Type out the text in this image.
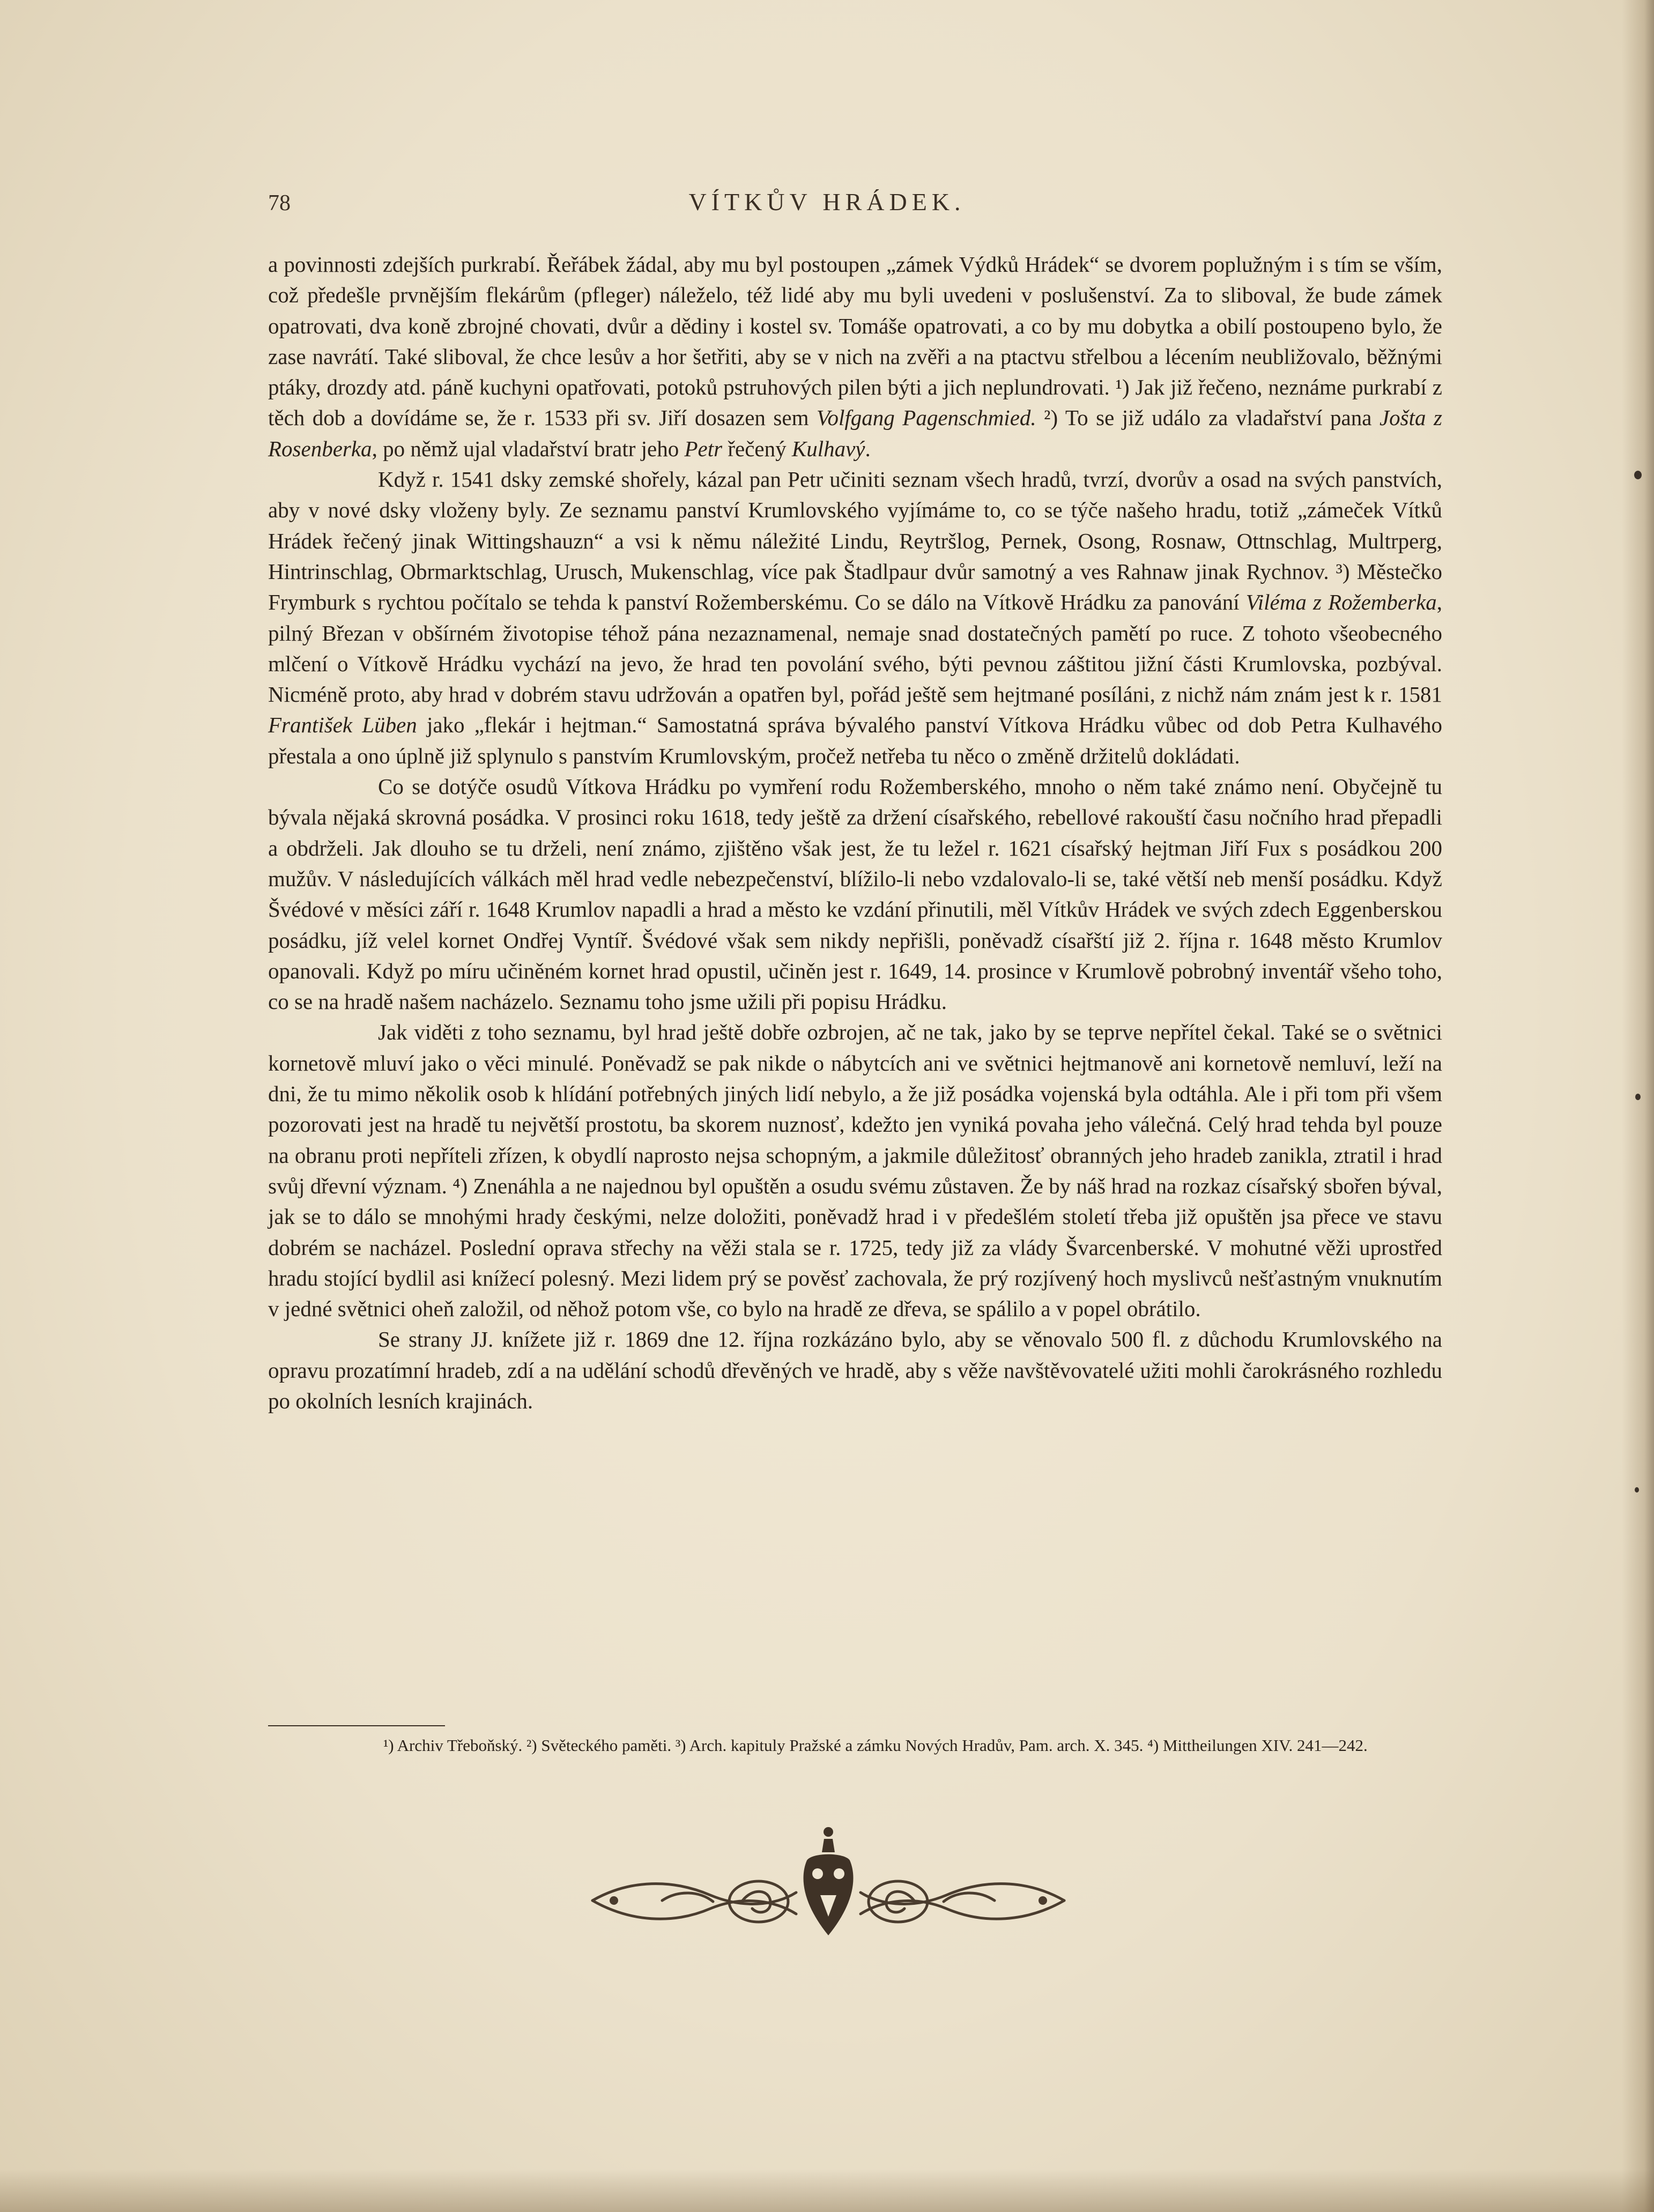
78	VÍTKŮV HRÁDEK.

a povinnosti zdejších purkrabí. Řeřábek žádal, aby mu byl postoupen „zámek Výdků Hrádek“ se dvorem poplužným i s tím se vším, což předešle prvnějším flekárům (pfleger) náleželo, též lidé aby mu byli uvedeni v poslušenství. Za to sliboval, že bude zámek opatrovati, dva koně zbrojné chovati, dvůr a dědiny i kostel sv. Tomáše opatrovati, a co by mu dobytka a obilí postoupeno bylo, že zase navrátí. Také sliboval, že chce lesův a hor šetřiti, aby se v nich na zvěři a na ptactvu střelbou a lécením neubližovalo, běžnými ptáky, drozdy atd. páně kuchyni opatřovati, potoků pstruhových pilen býti a jich neplundrovati. ¹) Jak již řečeno, neznáme purkrabí z těch dob a dovídáme se, že r. 1533 při sv. Jiří dosazen sem Volfgang Pagenschmied. ²) To se již událo za vladařství pana Jošta z Rosenberka, po němž ujal vladařství bratr jeho Petr řečený Kulhavý.

Když r. 1541 dsky zemské shořely, kázal pan Petr učiniti seznam všech hradů, tvrzí, dvorův a osad na svých panstvích, aby v nové dsky vloženy byly. Ze seznamu panství Krumlovského vyjímáme to, co se týče našeho hradu, totiž „zámeček Vítků Hrádek řečený jinak Wittingshauzn“ a vsi k němu náležité Lindu, Reytršlog, Pernek, Osong, Rosnaw, Ottnschlag, Multrperg, Hintrinschlag, Obrmarktschlag, Urusch, Mukenschlag, více pak Štadlpaur dvůr samotný a ves Rahnaw jinak Rychnov. ³) Městečko Frymburk s rychtou počítalo se tehda k panství Rožemberskému. Co se dálo na Vítkově Hrádku za panování Viléma z Rožemberka, pilný Březan v obšírném životopise téhož pána nezaznamenal, nemaje snad dostatečných pamětí po ruce. Z tohoto všeobecného mlčení o Vítkově Hrádku vychází na jevo, že hrad ten povolání svého, býti pevnou záštitou jižní části Krumlovska, pozbýval. Nicméně proto, aby hrad v dobrém stavu udržován a opatřen byl, pořád ještě sem hejtmané posíláni, z nichž nám znám jest k r. 1581 František Lüben jako „flekár i hejtman.“ Samostatná správa bývalého panství Vítkova Hrádku vůbec od dob Petra Kulhavého přestala a ono úplně již splynulo s panstvím Krumlovským, pročež netřeba tu něco o změně držitelů dokládati.

Co se dotýče osudů Vítkova Hrádku po vymření rodu Rožemberského, mnoho o něm také známo není. Obyčejně tu bývala nějaká skrovná posádka. V prosinci roku 1618, tedy ještě za držení císařského, rebellové rakouští času nočního hrad přepadli a obdrželi. Jak dlouho se tu drželi, není známo, zjištěno však jest, že tu ležel r. 1621 císařský hejtman Jiří Fux s posádkou 200 mužův. V následujících válkách měl hrad vedle nebezpečenství, blížilo-li nebo vzdalovalo-li se, také větší neb menší posádku. Když Švédové v měsíci září r. 1648 Krumlov napadli a hrad a město ke vzdání přinutili, měl Vítkův Hrádek ve svých zdech Eggenberskou posádku, jíž velel kornet Ondřej Vyntíř. Švédové však sem nikdy nepřišli, poněvadž císařští již 2. října r. 1648 město Krumlov opanovali. Když po míru učiněném kornet hrad opustil, učiněn jest r. 1649, 14. prosince v Krumlově pobrobný inventář všeho toho, co se na hradě našem nacházelo. Seznamu toho jsme užili při popisu Hrádku.

Jak viděti z toho seznamu, byl hrad ještě dobře ozbrojen, ač ne tak, jako by se teprve nepřítel čekal. Také se o světnici kornetově mluví jako o věci minulé. Poněvadž se pak nikde o nábytcích ani ve světnici hejtmanově ani kornetově nemluví, leží na dni, že tu mimo několik osob k hlídání potřebných jiných lidí nebylo, a že již posádka vojenská byla odtáhla. Ale i při tom při všem pozorovati jest na hradě tu největší prostotu, ba skorem nuznosť, kdežto jen vyniká povaha jeho válečná. Celý hrad tehda byl pouze na obranu proti nepříteli zřízen, k obydlí naprosto nejsa schopným, a jakmile důležitosť obranných jeho hradeb zanikla, ztratil i hrad svůj dřevní význam. ⁴) Znenáhla a ne najednou byl opuštěn a osudu svému zůstaven. Že by náš hrad na rozkaz císařský sbořen býval, jak se to dálo se mnohými hrady českými, nelze doložiti, poněvadž hrad i v předešlém století třeba již opuštěn jsa přece ve stavu dobrém se nacházel. Poslední oprava střechy na věži stala se r. 1725, tedy již za vlády Švarcenberské. V mohutné věži uprostřed hradu stojící bydlil asi knížecí polesný. Mezi lidem prý se pověsť zachovala, že prý rozjívený hoch myslivců nešťastným vnuknutím v jedné světnici oheň založil, od něhož potom vše, co bylo na hradě ze dřeva, se spálilo a v popel obrátilo.

Se strany JJ. knížete již r. 1869 dne 12. října rozkázáno bylo, aby se věnovalo 500 fl. z důchodu Krumlovského na opravu prozatímní hradeb, zdí a na udělání schodů dřevěných ve hradě, aby s věže navštěvovatelé užiti mohli čarokrásného rozhledu po okolních lesních krajinách.

¹) Archiv Třeboňský. ²) Světeckého paměti. ³) Arch. kapituly Pražské a zámku Nových Hradův, Pam. arch. X. 345. ⁴) Mittheilungen XIV. 241—242.
